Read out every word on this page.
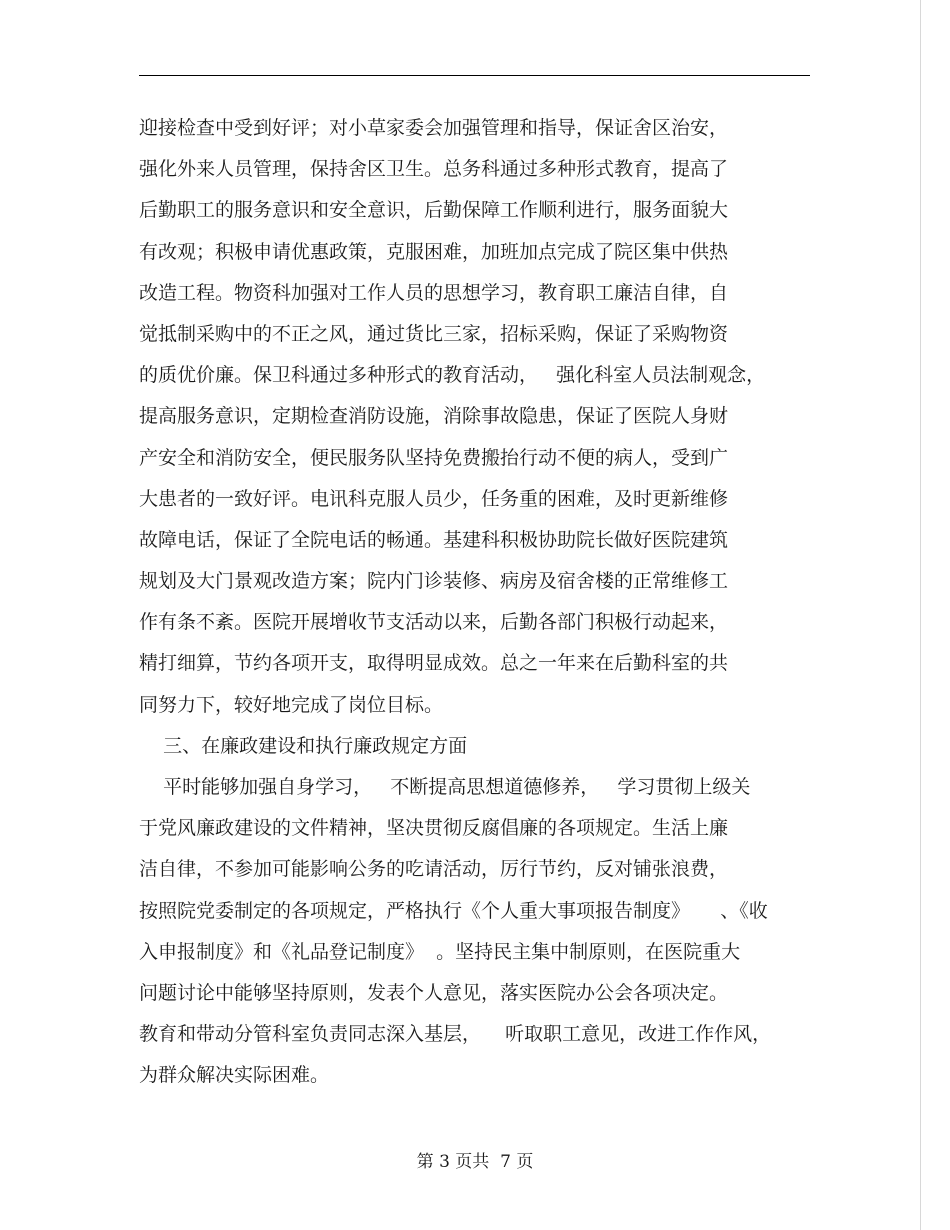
迎接检查中受到好评；对小草家委会加强管理和指导，保证舍区治安，
强化外来人员管理，保持舍区卫生。总务科通过多种形式教育，提高了
后勤职工的服务意识和安全意识，后勤保障工作顺利进行，服务面貌大
有改观；积极申请优惠政策，克服困难，加班加点完成了院区集中供热
改造工程。物资科加强对工作人员的思想学习，教育职工廉洁自律，自
觉抵制采购中的不正之风，通过货比三家，招标采购，保证了采购物资
的质优价廉。保卫科通过多种形式的教育活动，   强化科室人员法制观念，
提高服务意识，定期检查消防设施，消除事故隐患，保证了医院人身财
产安全和消防安全，便民服务队坚持免费搬抬行动不便的病人，受到广
大患者的一致好评。电讯科克服人员少，任务重的困难，及时更新维修
故障电话，保证了全院电话的畅通。基建科积极协助院长做好医院建筑
规划及大门景观改造方案；院内门诊装修、病房及宿舍楼的正常维修工
作有条不紊。医院开展增收节支活动以来，后勤各部门积极行动起来，
精打细算，节约各项开支，取得明显成效。总之一年来在后勤科室的共
同努力下，较好地完成了岗位目标。
三、在廉政建设和执行廉政规定方面
平时能够加强自身学习，   不断提高思想道德修养，   学习贯彻上级关
于党风廉政建设的文件精神，坚决贯彻反腐倡廉的各项规定。生活上廉
洁自律，不参加可能影响公务的吃请活动，厉行节约，反对铺张浪费，
按照院党委制定的各项规定，严格执行《个人重大事项报告制度》     、《收
入申报制度》和《礼品登记制度》  。坚持民主集中制原则，在医院重大
问题讨论中能够坚持原则，发表个人意见，落实医院办公会各项决定。
教育和带动分管科室负责同志深入基层，    听取职工意见，改进工作作风，
为群众解决实际困难。
第 3 页共  7 页
